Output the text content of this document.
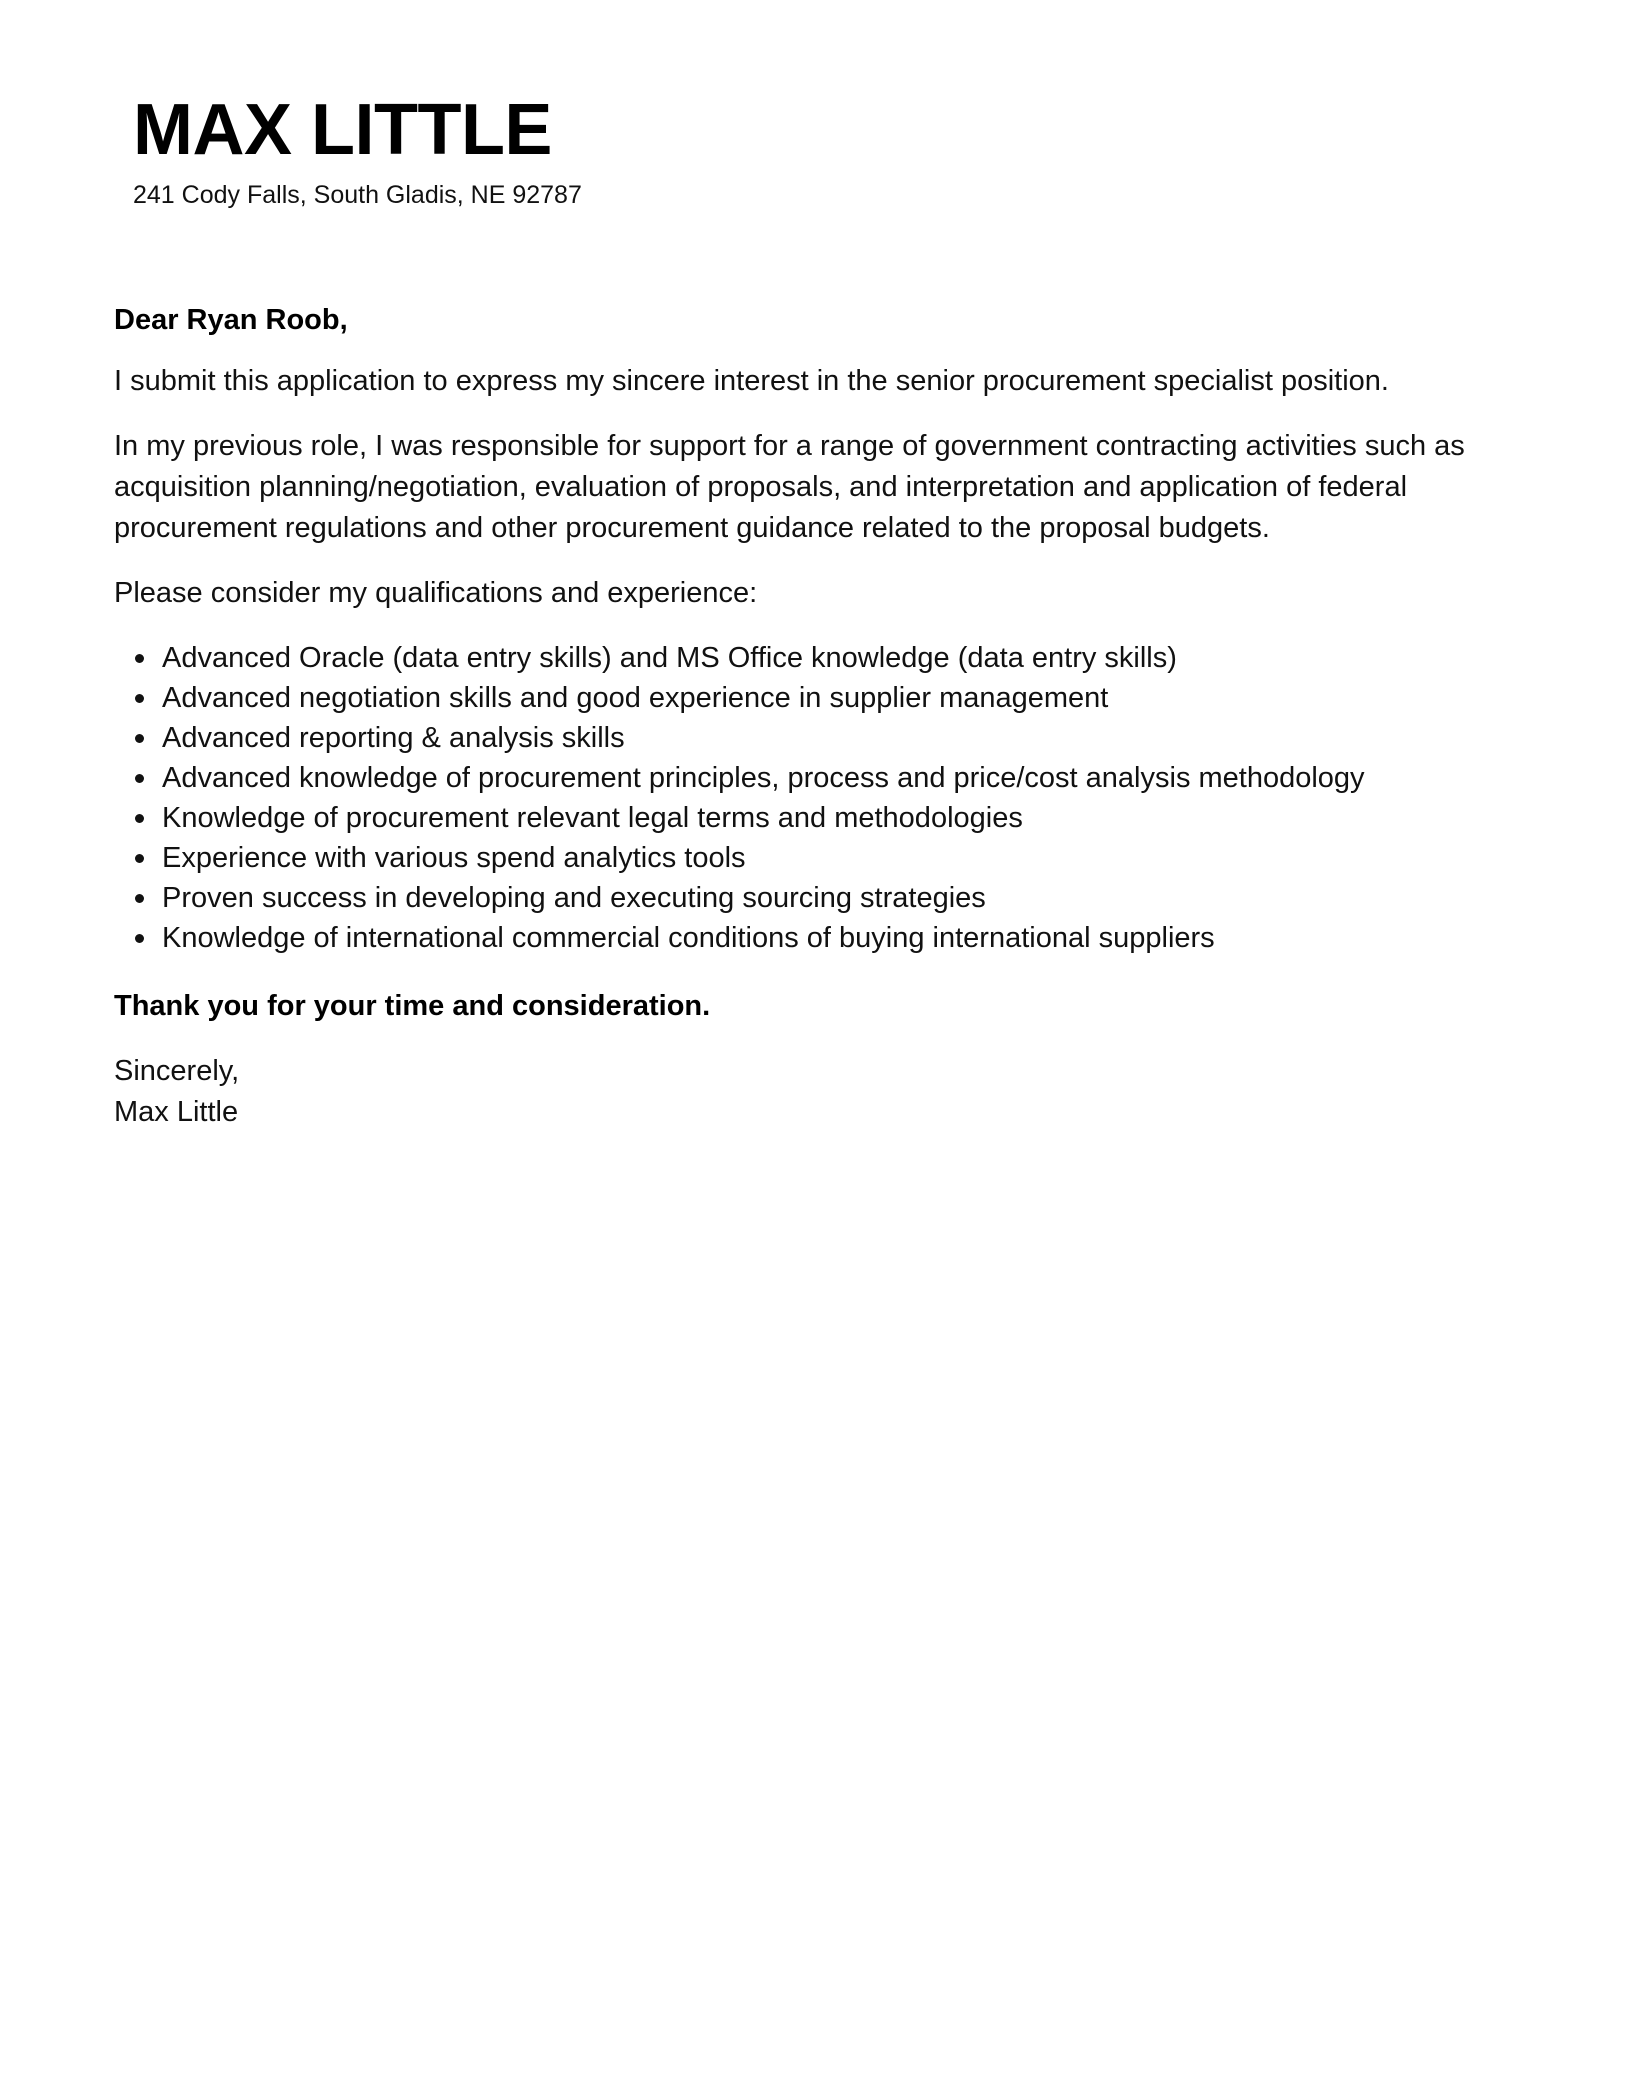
MAX LITTLE
241 Cody Falls, South Gladis, NE 92787

Dear Ryan Roob,

I submit this application to express my sincere interest in the senior procurement specialist position.

In my previous role, I was responsible for support for a range of government contracting activities such as acquisition planning/negotiation, evaluation of proposals, and interpretation and application of federal procurement regulations and other procurement guidance related to the proposal budgets.

Please consider my qualifications and experience:

Advanced Oracle (data entry skills) and MS Office knowledge (data entry skills)
Advanced negotiation skills and good experience in supplier management
Advanced reporting & analysis skills
Advanced knowledge of procurement principles, process and price/cost analysis methodology
Knowledge of procurement relevant legal terms and methodologies
Experience with various spend analytics tools
Proven success in developing and executing sourcing strategies
Knowledge of international commercial conditions of buying international suppliers

Thank you for your time and consideration.

Sincerely,

Max Little
